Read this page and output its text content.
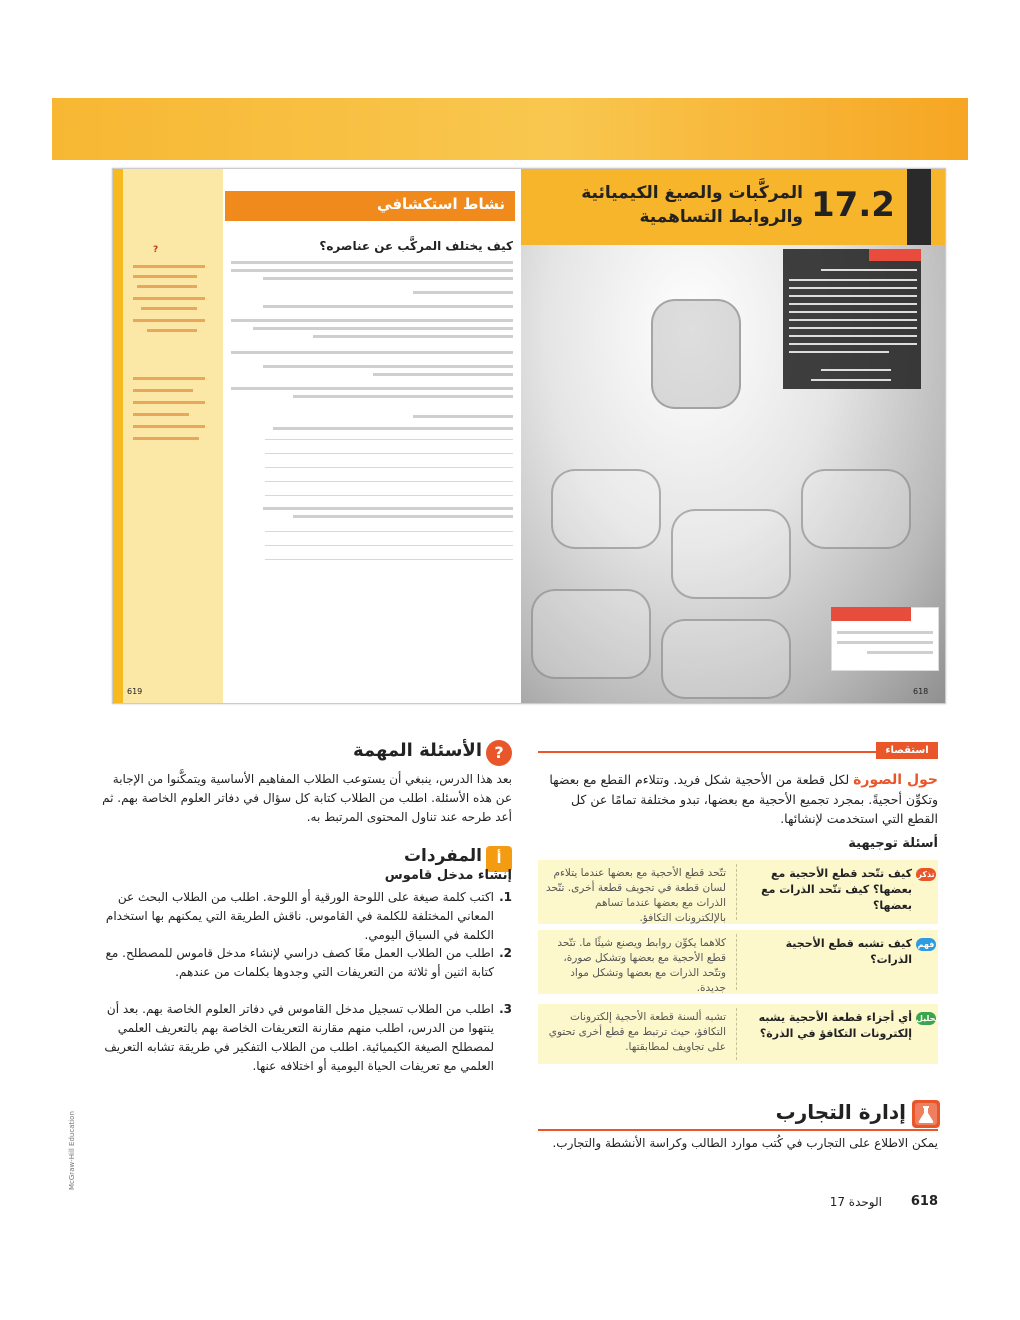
?
نشاط استكشافي
كيف يختلف المركَّب عن عناصره؟
619
المركَّبات والصيغ الكيميائية
والروابط التساهمية 17.2
618
استقصاء
حول الصورة لكل قطعة من الأحجية شكل فريد. وتتلاءم القطع مع بعضها وتكوِّن أحجيةً. بمجرد تجميع الأحجية مع بعضها، تبدو مختلفة تمامًا عن كل القطع التي استخدمت لإنشائها.
أسئلة توجيهية
تذكر
كيف تتّحد قطع الأحجية مع بعضها؟ كيف تتّحد الذرات مع بعضها؟
تتّحد قطع الأحجية مع بعضها عندما يتلاءم لسان قطعة في تجويف قطعة أخرى. تتّحد الذرات مع بعضها عندما تساهم بالإلكترونات التكافؤ.
فهم
كيف تشبه قطع الأحجية الذرات؟
كلاهما يكوِّن روابط ويصنع شيئًا ما. تتّحد قطع الأحجية مع بعضها وتشكل صورة، وتتّحد الذرات مع بعضها وتشكل مواد جديدة.
تحليل
أي أجزاء قطعة الأحجية يشبه إلكترونات التكافؤ في الذرة؟
تشبه ألسنة قطعة الأحجية إلكترونات التكافؤ، حيث ترتبط مع قطع أخرى تحتوي على تجاويف لمطابقتها.
إدارة التجارب
يمكن الاطلاع على التجارب في كُتب موارد الطالب وكراسة الأنشطة والتجارب.
618
الوحدة 17
?
الأسئلة المهمة
بعد هذا الدرس، ينبغي أن يستوعب الطلاب المفاهيم الأساسية ويتمكَّنوا من الإجابة عن هذه الأسئلة. اطلب من الطلاب كتابة كل سؤال في دفاتر العلوم الخاصة بهم. ثم أعد طرحه عند تناول المحتوى المرتبط به.
أ
المفردات
إنشاء مدخل قاموس
1.
اكتب كلمة صيغة على اللوحة الورقية أو اللوحة. اطلب من الطلاب البحث عن المعاني المختلفة للكلمة في القاموس. ناقش الطريقة التي يمكنهم بها استخدام الكلمة في السياق اليومي.
2.
اطلب من الطلاب العمل معًا كصف دراسي لإنشاء مدخل قاموس للمصطلح. مع كتابة اثنين أو ثلاثة من التعريفات التي وجدوها بكلمات من عندهم.
3.
اطلب من الطلاب تسجيل مدخل القاموس في دفاتر العلوم الخاصة بهم. بعد أن ينتهوا من الدرس، اطلب منهم مقارنة التعريفات الخاصة بهم بالتعريف العلمي لمصطلح الصيغة الكيميائية. اطلب من الطلاب التفكير في طريقة تشابه التعريف العلمي مع تعريفات الحياة اليومية أو اختلافه عنها.
McGraw-Hill Education
